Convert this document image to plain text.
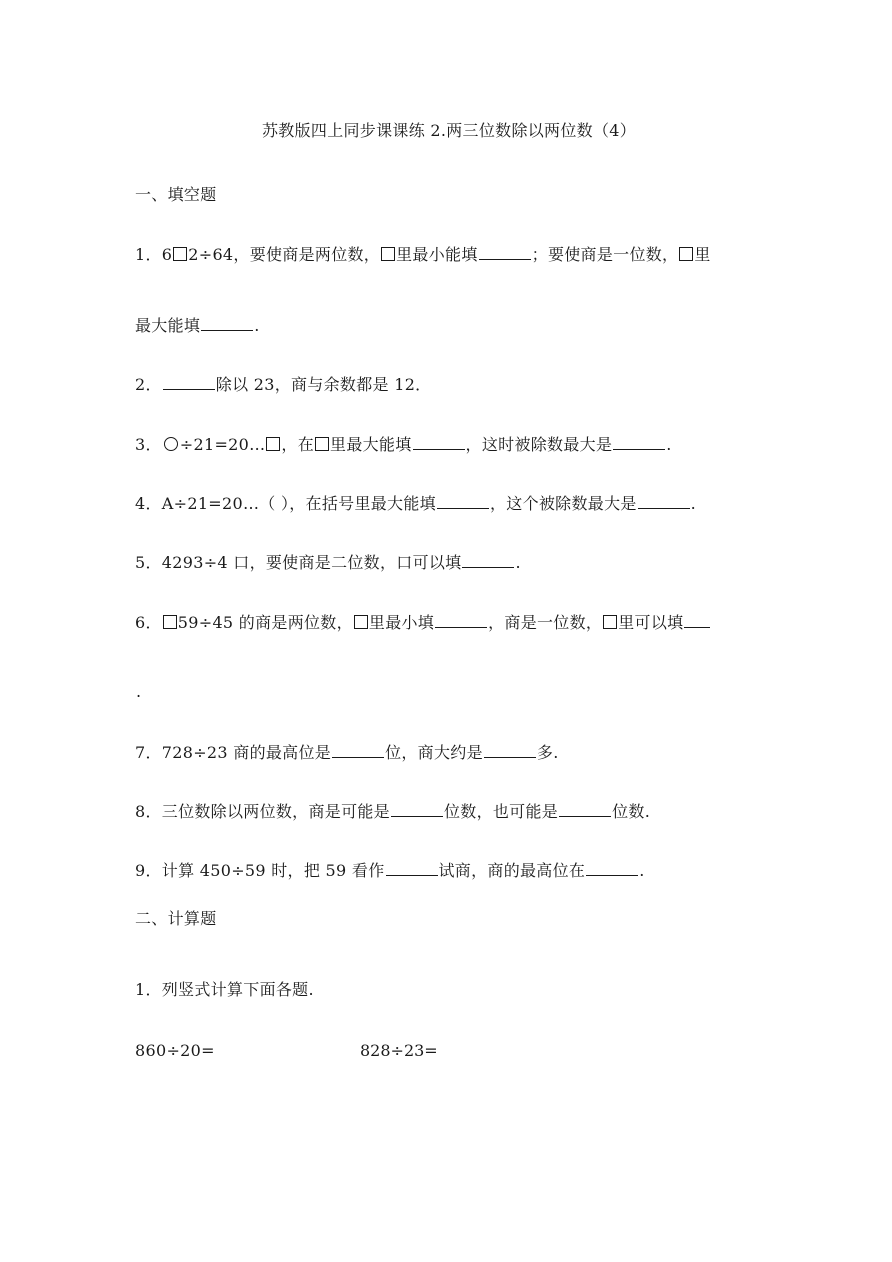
苏教版四上同步课课练 2.两三位数除以两位数（4）
一、填空题
1．6 2÷64，要使商是两位数， 里最小能填	；要使商是一位数， 里
最大能填	.
2．	除以 23，商与余数都是 12．
3． ÷21=20… ，在 里最大能填	，这时被除数最大是	.
4．A÷21=20…（ ），在括号里最大能填	，这个被除数最大是	.
5．4293÷4 口，要使商是二位数，口可以填	.
6． 59÷45 的商是两位数， 里最小填	，商是一位数， 里可以填
.
7．728÷23 商的最高位是	位，商大约是	多.
8．三位数除以两位数，商是可能是	位数，也可能是	位数.
9．计算 450÷59 时，把 59 看作	试商，商的最高位在	.
二、计算题
1．列竖式计算下面各题.
860÷20=	828÷23=
